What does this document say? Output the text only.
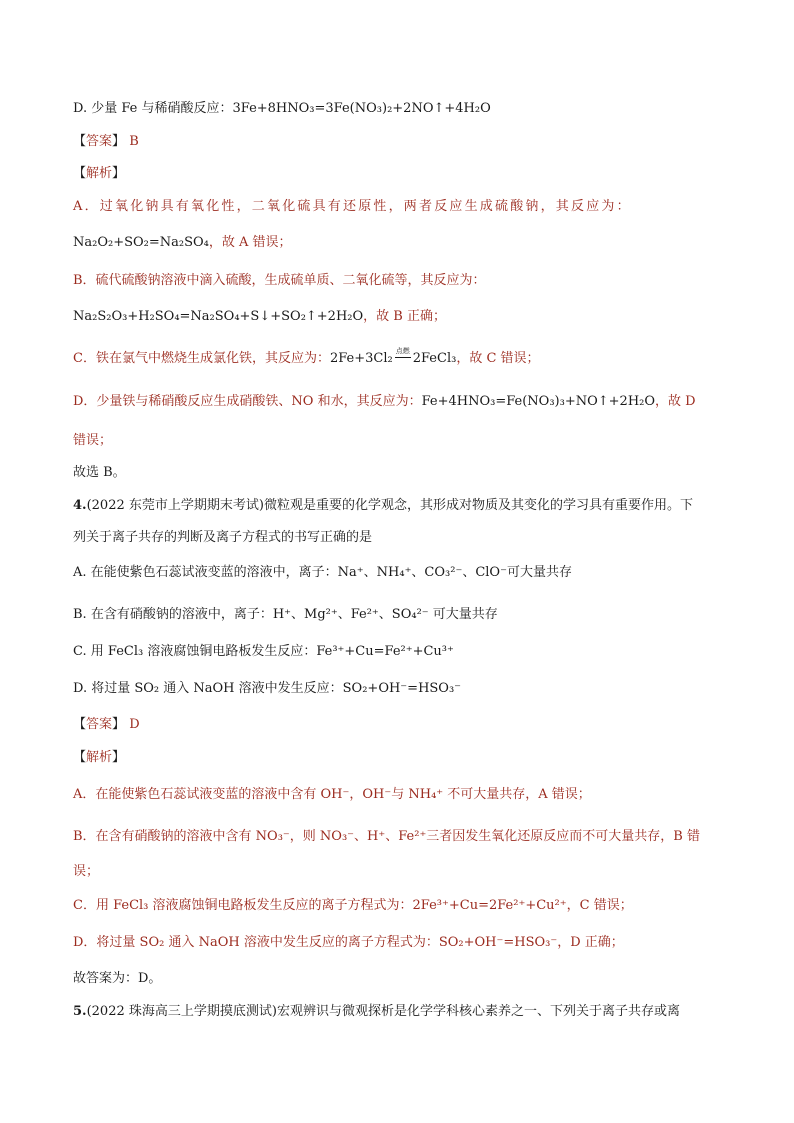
D. 少量 Fe 与稀硝酸反应：3Fe+8HNO₃=3Fe(NO₃)₂+2NO↑+4H₂O
【答案】 B
【解析】
A．过氧化钠具有氧化性，二氧化硫具有还原性，两者反应生成硫酸钠，其反应为：
Na₂O₂+SO₂=Na₂SO₄，故 A 错误；
B．硫代硫酸钠溶液中滴入硫酸，生成硫单质、二氧化硫等，其反应为：
Na₂S₂O₃+H₂SO₄=Na₂SO₄+S↓+SO₂↑+2H₂O，故 B 正确；
C．铁在氯气中燃烧生成氯化铁，其反应为：2Fe+3Cl₂ 点燃 2FeCl₃，故 C 错误；
D．少量铁与稀硝酸反应生成硝酸铁、NO 和水，其反应为：Fe+4HNO₃=Fe(NO₃)₃+NO↑+2H₂O，故 D
错误；
故选 B。
4.(2022 东莞市上学期期末考试)微粒观是重要的化学观念，其形成对物质及其变化的学习具有重要作用。下
列关于离子共存的判断及离子方程式的书写正确的是
A. 在能使紫色石蕊试液变蓝的溶液中，离子：Na⁺、NH₄⁺、CO₃²⁻、ClO⁻可大量共存
B. 在含有硝酸钠的溶液中，离子：H⁺、Mg²⁺、Fe²⁺、SO₄²⁻ 可大量共存
C. 用 FeCl₃ 溶液腐蚀铜电路板发生反应：Fe³⁺+Cu=Fe²⁺+Cu³⁺
D. 将过量 SO₂ 通入 NaOH 溶液中发生反应：SO₂+OH⁻=HSO₃⁻
【答案】 D
【解析】
A．在能使紫色石蕊试液变蓝的溶液中含有 OH⁻，OH⁻与 NH₄⁺ 不可大量共存，A 错误；
B．在含有硝酸钠的溶液中含有 NO₃⁻，则 NO₃⁻、H⁺、Fe²⁺三者因发生氧化还原反应而不可大量共存，B 错
误；
C．用 FeCl₃ 溶液腐蚀铜电路板发生反应的离子方程式为：2Fe³⁺+Cu=2Fe²⁺+Cu²⁺，C 错误；
D．将过量 SO₂ 通入 NaOH 溶液中发生反应的离子方程式为：SO₂+OH⁻=HSO₃⁻，D 正确；
故答案为：D。
5.(2022 珠海高三上学期摸底测试)宏观辨识与微观探析是化学学科核心素养之一、下列关于离子共存或离
